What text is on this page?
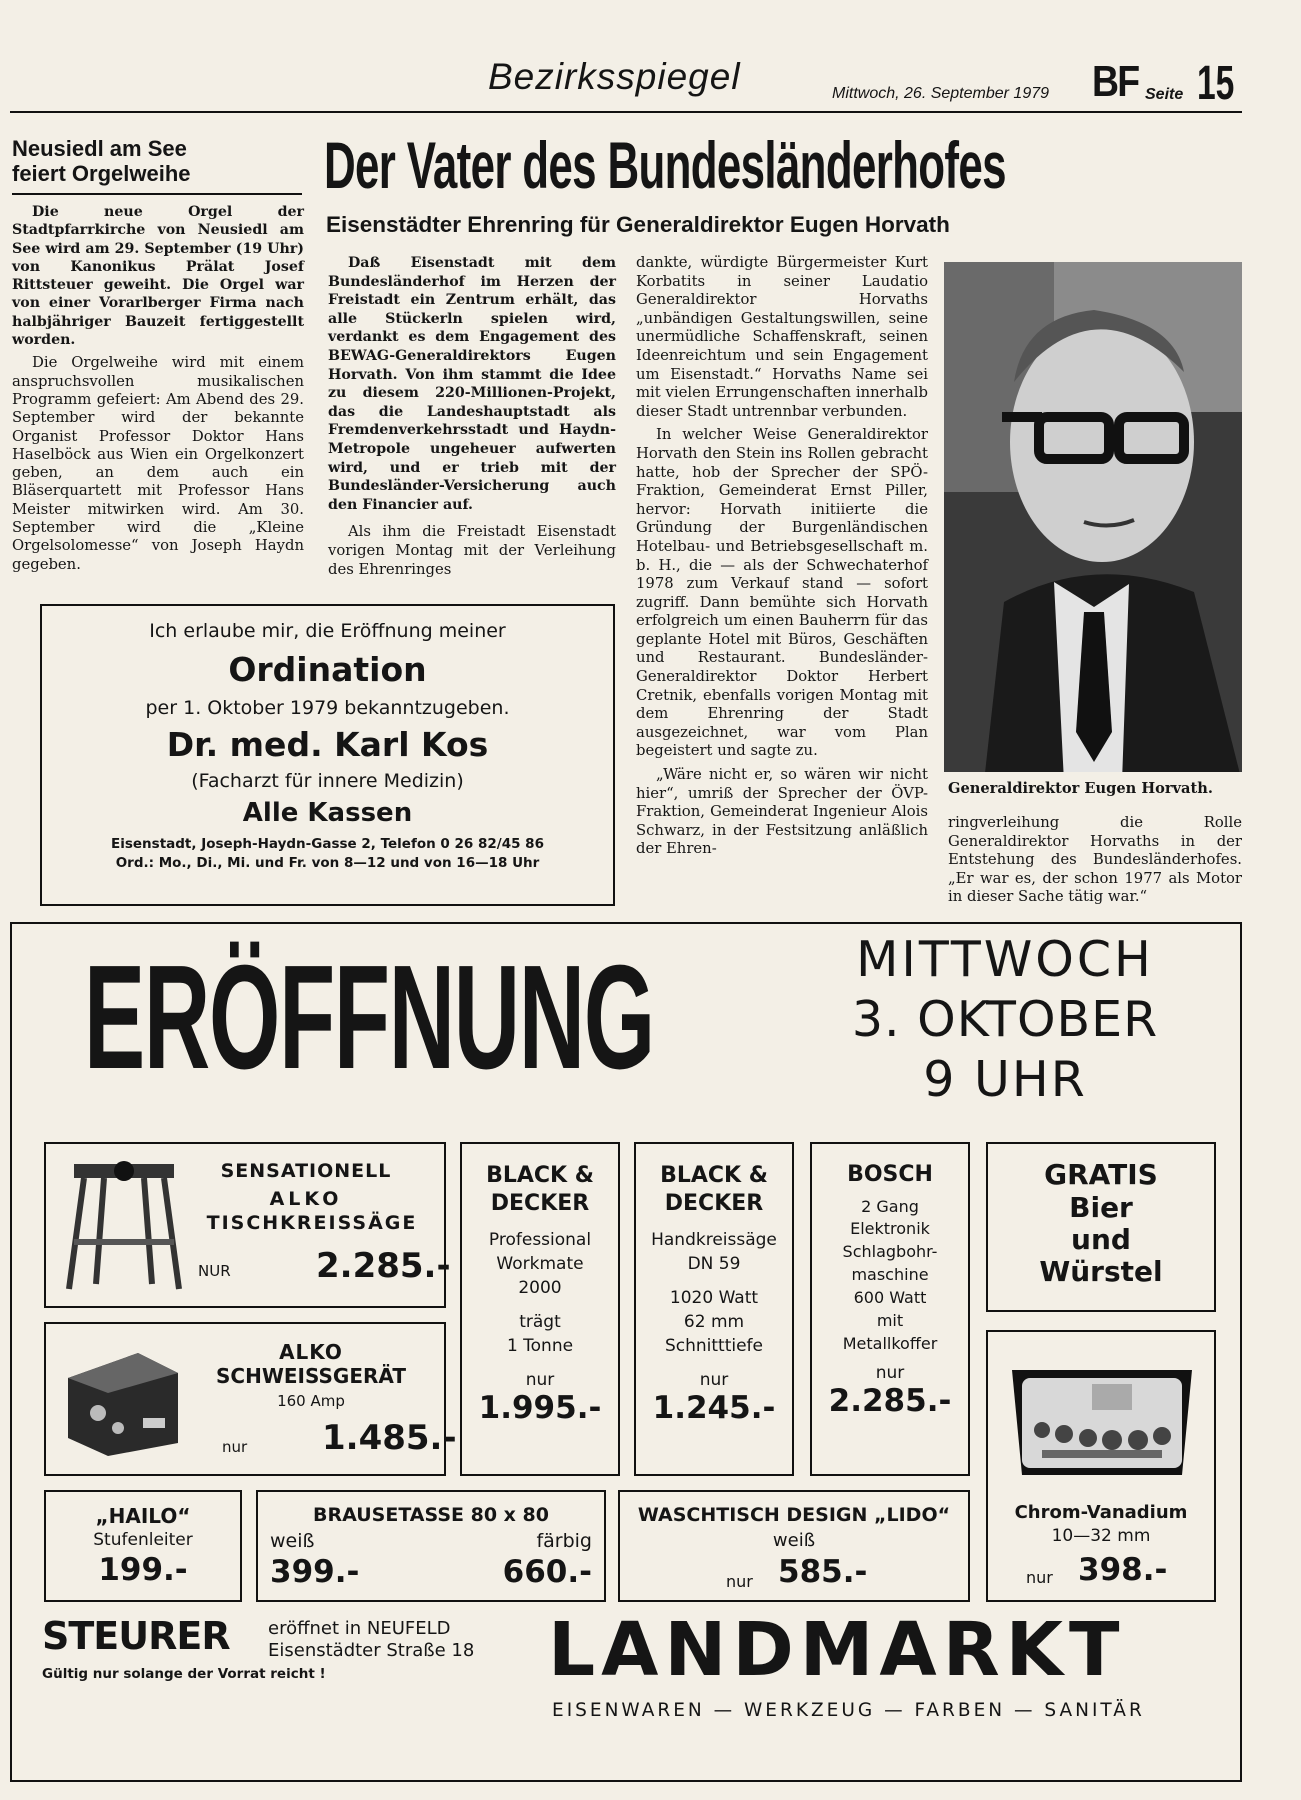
Bezirksspiegel	Mittwoch, 26. September 1979 BF Seite 15
Neusiedl am See
feiert Orgelweihe

Die neue Orgel der Stadtpfarrkirche von Neusiedl am See wird am 29. September (19 Uhr) von Kanonikus Prälat Josef Rittsteuer geweiht. Die Orgel war von einer Vorarlberger Firma nach halbjähriger Bauzeit fertiggestellt worden.

Die Orgelweihe wird mit einem anspruchsvollen musikalischen Programm gefeiert: Am Abend des 29. September wird der bekannte Organist Professor Doktor Hans Haselböck aus Wien ein Orgelkonzert geben, an dem auch ein Bläserquartett mit Professor Hans Meister mitwirken wird. Am 30. September wird die „Kleine Orgelsolomesse“ von Joseph Haydn gegeben.

Der Vater des Bundesländerhofes
Eisenstädter Ehrenring für Generaldirektor Eugen Horvath

Daß Eisenstadt mit dem Bundesländerhof im Herzen der Freistadt ein Zentrum erhält, das alle Stückerln spielen wird, verdankt es dem Engagement des BEWAG-Generaldirektors Eugen Horvath. Von ihm stammt die Idee zu diesem 220-Millionen-Projekt, das die Landeshauptstadt als Fremdenverkehrsstadt und Haydn-Metropole ungeheuer aufwerten wird, und er trieb mit der Bundesländer-Versicherung auch den Financier auf.

Als ihm die Freistadt Eisenstadt vorigen Montag mit der Verleihung des Ehrenringes

dankte, würdigte Bürgermeister Kurt Korbatits in seiner Laudatio Generaldirektor Horvaths „unbändigen Gestaltungswillen, seine unermüdliche Schaffenskraft, seinen Ideenreichtum und sein Engagement um Eisenstadt.“ Horvaths Name sei mit vielen Errungenschaften innerhalb dieser Stadt untrennbar verbunden.

In welcher Weise Generaldirektor Horvath den Stein ins Rollen gebracht hatte, hob der Sprecher der SPÖ-Fraktion, Gemeinderat Ernst Piller, hervor: Horvath initiierte die Gründung der Burgenländischen Hotelbau- und Betriebsgesellschaft m. b. H., die — als der Schwechaterhof 1978 zum Verkauf stand — sofort zugriff. Dann bemühte sich Horvath erfolgreich um einen Bauherrn für das geplante Hotel mit Büros, Geschäften und Restaurant. Bundesländer-Generaldirektor Doktor Herbert Cretnik, ebenfalls vorigen Montag mit dem Ehrenring der Stadt ausgezeichnet, war vom Plan begeistert und sagte zu.

„Wäre nicht er, so wären wir nicht hier“, umriß der Sprecher der ÖVP-Fraktion, Gemeinderat Ingenieur Alois Schwarz, in der Festsitzung anläßlich der Ehren-

Generaldirektor Eugen Horvath.

ringverleihung die Rolle Generaldirektor Horvaths in der Entstehung des Bundesländerhofes. „Er war es, der schon 1977 als Motor in dieser Sache tätig war.“

Ich erlaube mir, die Eröffnung meiner
Ordination
per 1. Oktober 1979 bekanntzugeben.
Dr. med. Karl Kos
(Facharzt für innere Medizin)
Alle Kassen
Eisenstadt, Joseph-Haydn-Gasse 2, Telefon 0 26 82/45 86
Ord.: Mo., Di., Mi. und Fr. von 8—12 und von 16—18 Uhr
ERÖFFNUNG	MITTWOCH
3. OKTOBER
9 UHR
SENSATIONELL
ALKO
TISCHKREISSÄGE
NUR	2.285.-
ALKO
SCHWEISSGERÄT
160 Amp
nur 1.485.-
BLACK & DECKER
Professional
Workmate
2000
trägt
1 Tonne
nur
1.995.-
BLACK & DECKER
Handkreissäge
DN 59
1020 Watt
62 mm
Schnitttiefe
nur
1.245.-
BOSCH
2 Gang
Elektronik
Schlagbohr-
maschine
600 Watt
mit
Metallkoffer
nur
2.285.-
GRATIS
Bier
und
Würstel
Chrom-Vanadium
10—32 mm
nur 398.-
„HAILO“
Stufenleiter
199.-
BRAUSETASSE 80 x 80
weiß	färbig
399.-	660.-
WASCHTISCH DESIGN „LIDO“
weiß
nur 585.-
STEURER eröffnet in NEUFELD
Eisenstädter Straße 18
Gültig nur solange der Vorrat reicht !	LANDMARKT
EISENWAREN — WERKZEUG — FARBEN — SANITÄR
